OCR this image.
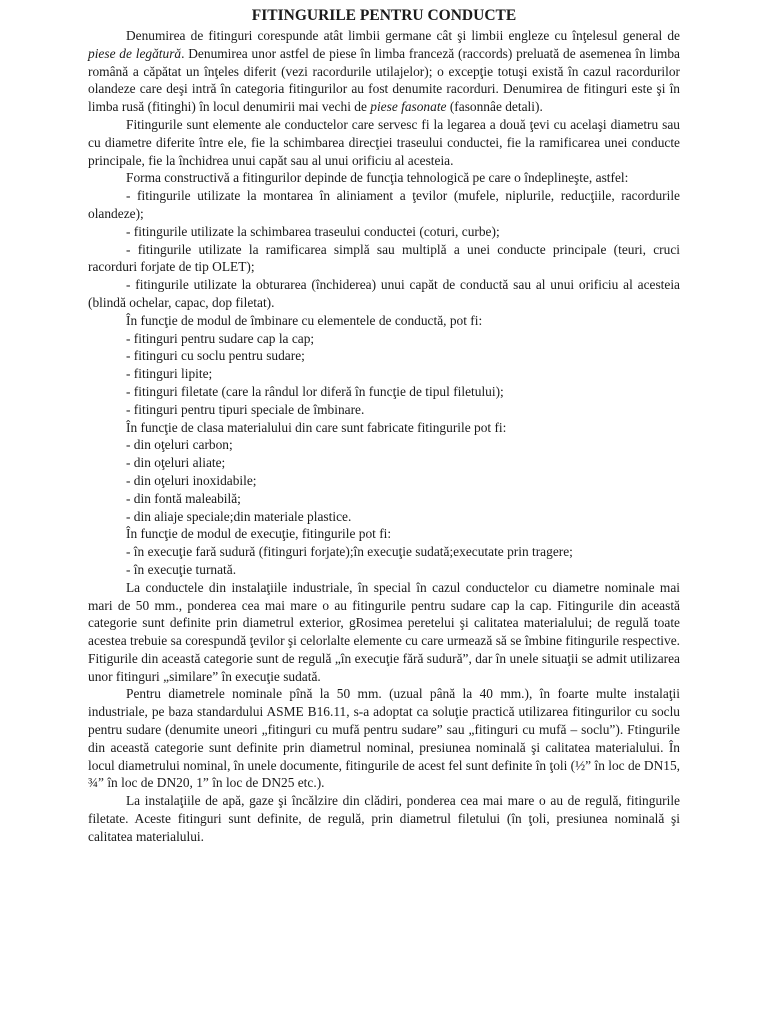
FITINGURILE PENTRU CONDUCTE

Denumirea de fitinguri corespunde atât limbii germane cât şi limbii engleze cu înţelesul general de piese de legătură. Denumirea unor astfel de piese în limba franceză (raccords) preluată de asemenea în limba română a căpătat un înţeles diferit (vezi racordurile utilajelor); o excepţie totuşi există în cazul racordurilor olandeze care deşi intră în categoria fitingurilor au fost denumite racorduri. Denumirea de fitinguri este şi în limba rusă (fitinghi) în locul denumirii mai vechi de piese fasonate (fasonnâe detali).

Fitingurile sunt elemente ale conductelor care servesc fi la legarea a două ţevi cu acelaşi diametru sau cu diametre diferite între ele, fie la schimbarea direcţiei traseului conductei, fie la ramificarea unei conducte principale, fie la închidrea unui capăt sau al unui orificiu al acesteia.

Forma constructivă a fitingurilor depinde de funcţia tehnologică pe care o îndeplineşte, astfel:

- fitingurile utilizate la montarea în aliniament a ţevilor (mufele, niplurile, reducţiile, racordurile olandeze);

- fitingurile utilizate la schimbarea traseului conductei (coturi, curbe);

- fitingurile utilizate la ramificarea simplă sau multiplă a unei conducte principale (teuri, cruci racorduri forjate de tip OLET);

- fitingurile utilizate la obturarea (închiderea) unui capăt de conductă sau al unui orificiu al acesteia (blindă ochelar, capac, dop filetat).

În funcţie de modul de îmbinare cu elementele de conductă, pot fi:

- fitinguri pentru sudare cap la cap;

- fitinguri cu soclu pentru sudare;

- fitinguri lipite;

- fitinguri filetate (care la rândul lor diferă în funcţie de tipul filetului);

- fitinguri pentru tipuri speciale de îmbinare.

În funcţie de clasa materialului din care sunt fabricate fitingurile pot fi:

- din oţeluri carbon;

- din oţeluri aliate;

- din oţeluri inoxidabile;

- din fontă maleabilă;

- din aliaje speciale;din materiale plastice.

În funcţie de modul de execuţie, fitingurile pot fi:

- în execuţie fară sudură (fitinguri forjate);în execuţie sudată;executate prin tragere;

- în execuţie turnată.

La conductele din instalaţiile industriale, în special în cazul conductelor cu diametre nominale mai mari de 50 mm., ponderea cea mai mare o au fitingurile pentru sudare cap la cap. Fitingurile din această categorie sunt definite prin diametrul exterior, gRosimea peretelui şi calitatea materialului; de regulă toate acestea trebuie sa corespundă ţevilor şi celorlalte elemente cu care urmează să se îmbine fitingurile respective. Fitigurile din această categorie sunt de regulă „în execuţie fără sudură”, dar în unele situaţii se admit utilizarea unor fitinguri „similare” în execuţie sudată.

Pentru diametrele nominale pînă la 50 mm. (uzual până la 40 mm.), în foarte multe instalaţii industriale, pe baza standardului ASME B16.11, s-a adoptat ca soluţie practică utilizarea fitingurilor cu soclu pentru sudare (denumite uneori „fitinguri cu mufă pentru sudare” sau „fitinguri cu mufă – soclu”). Ftingurile din această categorie sunt definite prin diametrul nominal, presiunea nominală şi calitatea materialului. În locul diametrului nominal, în unele documente, fitingurile de acest fel sunt definite în ţoli (½” în loc de DN15, ¾” în loc de DN20, 1” în loc de DN25 etc.).

La instalaţiile de apă, gaze şi încălzire din clădiri, ponderea cea mai mare o au de regulă, fitingurile filetate. Aceste fitinguri sunt definite, de regulă, prin diametrul filetului (în ţoli, presiunea nominală şi calitatea materialului.
